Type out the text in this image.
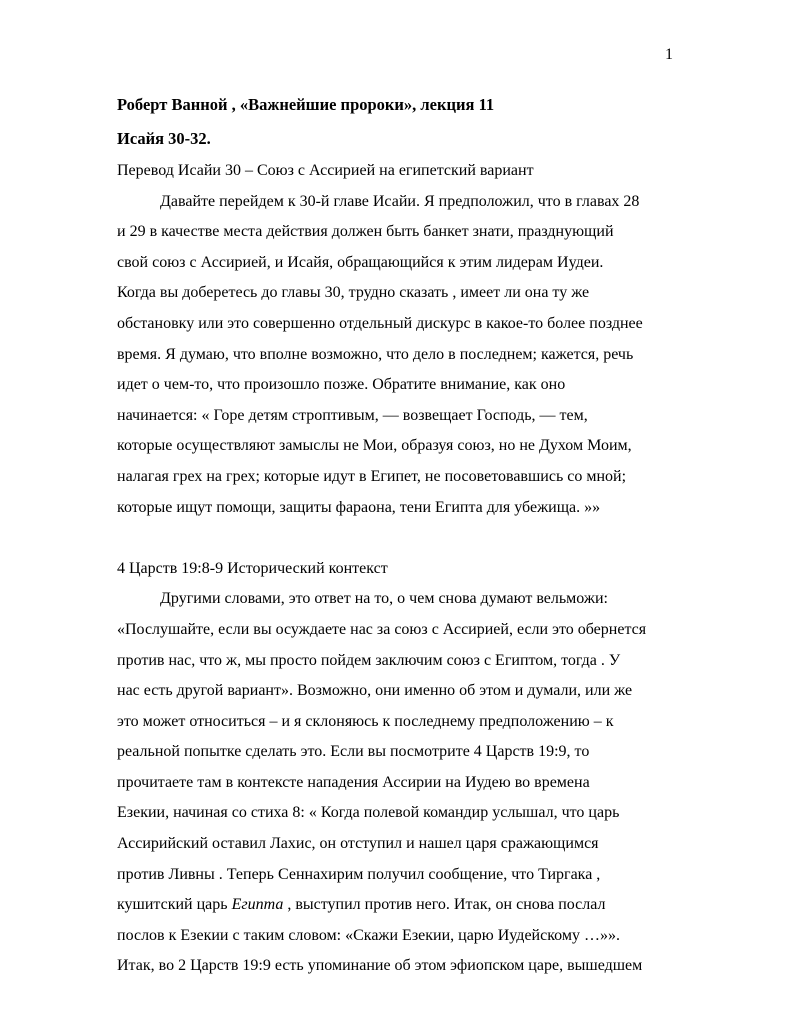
1
Роберт Ванной , «Важнейшие пророки», лекция 11
Исайя 30-32.
Перевод Исайи 30 – Союз с Ассирией на египетский вариант
Давайте перейдем к 30-й главе Исайи. Я предположил, что в главах 28
и 29 в качестве места действия должен быть банкет знати, празднующий
свой союз с Ассирией, и Исайя, обращающийся к этим лидерам Иудеи.
Когда вы доберетесь до главы 30, трудно сказать , имеет ли она ту же
обстановку или это совершенно отдельный дискурс в какое-то более позднее
время. Я думаю, что вполне возможно, что дело в последнем; кажется, речь
идет о чем-то, что произошло позже. Обратите внимание, как оно
начинается: « Горе детям строптивым, — возвещает Господь, — тем,
которые осуществляют замыслы не Мои, образуя союз, но не Духом Моим,
налагая грех на грех; которые идут в Египет, не посоветовавшись со мной;
которые ищут помощи, защиты фараона, тени Египта для убежища. »»
4 Царств 19:8-9 Исторический контекст
Другими словами, это ответ на то, о чем снова думают вельможи:
«Послушайте, если вы осуждаете нас за союз с Ассирией, если это обернется
против нас, что ж, мы просто пойдем заключим союз с Египтом, тогда . У
нас есть другой вариант». Возможно, они именно об этом и думали, или же
это может относиться – и я склоняюсь к последнему предположению – к
реальной попытке сделать это. Если вы посмотрите 4 Царств 19:9, то
прочитаете там в контексте нападения Ассирии на Иудею во времена
Езекии, начиная со стиха 8: « Когда полевой командир услышал, что царь
Ассирийский оставил Лахис, он отступил и нашел царя сражающимся
против Ливны . Теперь Сеннахирим получил сообщение, что Тиргака ,
кушитский царь Египта , выступил против него. Итак, он снова послал
послов к Езекии с таким словом: «Скажи Езекии, царю Иудейскому …»».
Итак, во 2 Царств 19:9 есть упоминание об этом эфиопском царе, вышедшем
